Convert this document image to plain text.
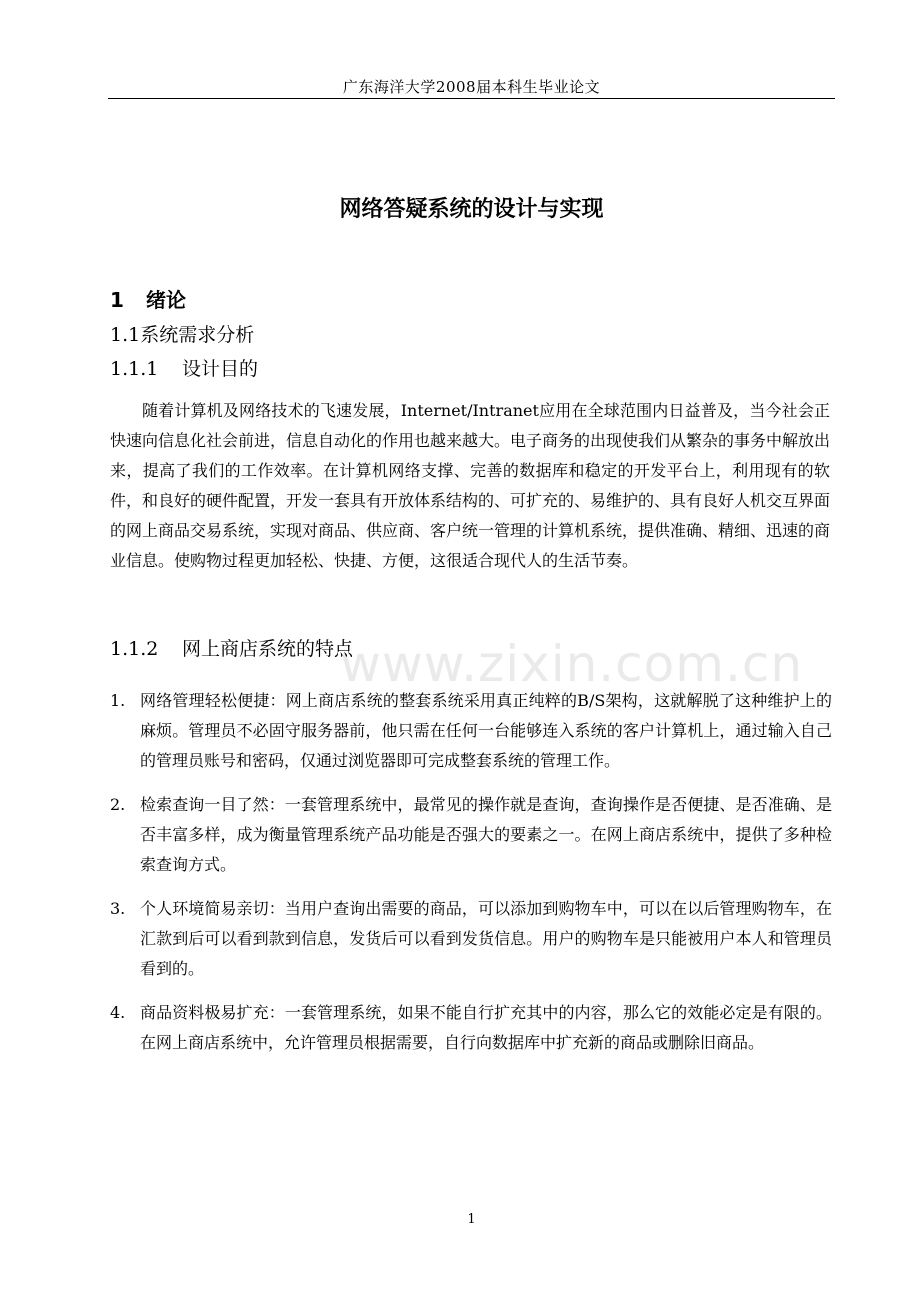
广东海洋大学2008届本科生毕业论文
www.zixin.com.cn
网络答疑系统的设计与实现
1 绪论
1.1系统需求分析
1.1.1 设计目的
随着计算机及网络技术的飞速发展，Internet/Intranet应用在全球范围内日益普及，当今社会正快速向信息化社会前进，信息自动化的作用也越来越大。电子商务的出现使我们从繁杂的事务中解放出来，提高了我们的工作效率。在计算机网络支撑、完善的数据库和稳定的开发平台上，利用现有的软件，和良好的硬件配置，开发一套具有开放体系结构的、可扩充的、易维护的、具有良好人机交互界面的网上商品交易系统，实现对商品、供应商、客户统一管理的计算机系统，提供准确、精细、迅速的商业信息。使购物过程更加轻松、快捷、方便，这很适合现代人的生活节奏。
1.1.2 网上商店系统的特点
1. 网络管理轻松便捷：网上商店系统的整套系统采用真正纯粹的B/S架构，这就解脱了这种维护上的麻烦。管理员不必固守服务器前，他只需在任何一台能够连入系统的客户计算机上，通过输入自己的管理员账号和密码，仅通过浏览器即可完成整套系统的管理工作。
2. 检索查询一目了然：一套管理系统中，最常见的操作就是查询，查询操作是否便捷、是否准确、是否丰富多样，成为衡量管理系统产品功能是否强大的要素之一。在网上商店系统中，提供了多种检索查询方式。
3. 个人环境简易亲切：当用户查询出需要的商品，可以添加到购物车中，可以在以后管理购物车，在汇款到后可以看到款到信息，发货后可以看到发货信息。用户的购物车是只能被用户本人和管理员看到的。
4. 商品资料极易扩充：一套管理系统，如果不能自行扩充其中的内容，那么它的效能必定是有限的。在网上商店系统中，允许管理员根据需要，自行向数据库中扩充新的商品或删除旧商品。
1
